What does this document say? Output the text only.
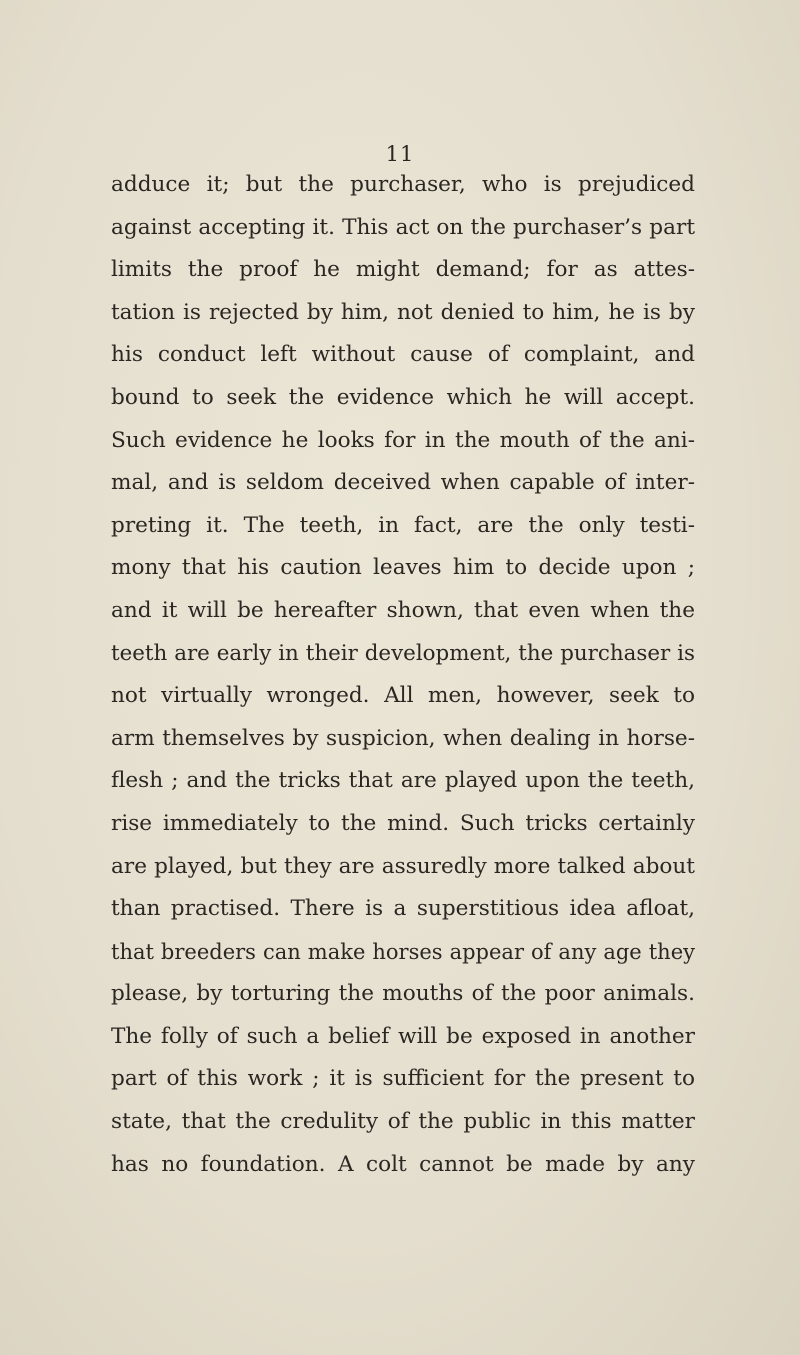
11
adduce it; but the purchaser, who is prejudiced
against accepting it. This act on the purchaser’s part
limits the proof he might demand; for as attes-
tation is rejected by him, not denied to him, he is by
his conduct left without cause of complaint, and
bound to seek the evidence which he will accept.
Such evidence he looks for in the mouth of the ani-
mal, and is seldom deceived when capable of inter-
preting it. The teeth, in fact, are the only testi-
mony that his caution leaves him to decide upon ;
and it will be hereafter shown, that even when the
teeth are early in their development, the purchaser is
not virtually wronged. All men, however, seek to
arm themselves by suspicion, when dealing in horse-
flesh ; and the tricks that are played upon the teeth,
rise immediately to the mind. Such tricks certainly
are played, but they are assuredly more talked about
than practised. There is a superstitious idea afloat,
that breeders can make horses appear of any age they
please, by torturing the mouths of the poor animals.
The folly of such a belief will be exposed in another
part of this work ; it is sufficient for the present to
state, that the credulity of the public in this matter
has no foundation. A colt cannot be made by any
